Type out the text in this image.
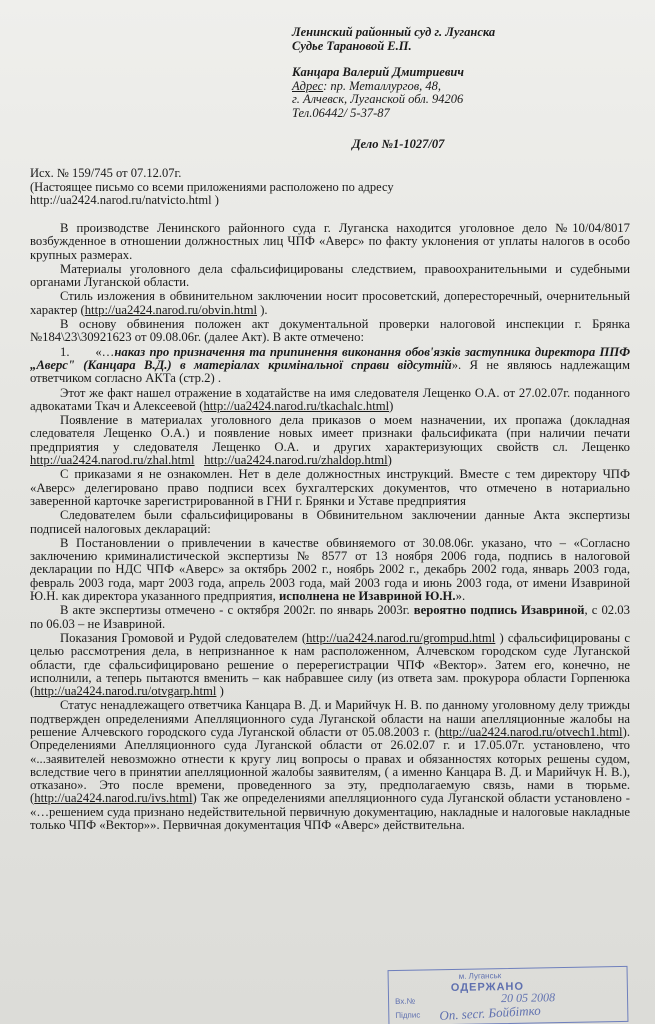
Ленинский районный суд г. Луганска
Судье Тарановой Е.П.
Канцара Валерий Дмитриевич
Адрес: пр. Металлургов, 48,
г. Алчевск, Луганской обл. 94206
Тел.06442/ 5-37-87
Дело №1-1027/07
Исх. № 159/745 от 07.12.07г.
(Настоящее письмо со всеми приложениями расположено по адресу
http://ua2424.narod.ru/natvicto.html )

В производстве Ленинского районного суда г. Луганска находится уголовное дело №10/04/8017 возбужденное в отношении должностных лиц ЧПФ «Аверс» по факту уклонения от уплаты налогов в особо крупных размерах.

Материалы уголовного дела сфальсифицированы следствием, правоохранительными и судебными органами Луганской области.

Стиль изложения в обвинительном заключении носит просоветский, допересторечный, очернительный характер (http://ua2424.narod.ru/obvin.html ).

В основу обвинения положен акт документальной проверки налоговой инспекции г. Брянка №184\23\30921623 от 09.08.06г. (далее Акт). В акте отмечено:

1. «…наказ про призначення та припинення виконання обов'язків заступника директора ППФ „Аверс" (Канцара В.Д.) в матеріалах кримінальної справи відсутній». Я не являюсь надлежащим ответчиком согласно АКТа (стр.2) .

Этот же факт нашел отражение в ходатайстве на имя следователя Лещенко О.А. от 27.02.07г. поданного адвокатами Ткач и Алексеевой (http://ua2424.narod.ru/tkachalc.html)

Появление в материалах уголовного дела приказов о моем назначении, их пропажа (докладная следователя Лещенко О.А.) и появление новых имеет признаки фальсификата (при наличии печати предприятия у следователя Лещенко О.А. и других характеризующих свойств сл. Лещенко http://ua2424.narod.ru/zhal.html http://ua2424.narod.ru/zhaldop.html)

С приказами я не ознакомлен. Нет в деле должностных инструкций. Вместе с тем директору ЧПФ «Аверс» делегировано право подписи всех бухгалтерских документов, что отмечено в нотариально заверенной карточке зарегистрированной в ГНИ г. Брянки и Уставе предприятия

Следователем были сфальсифицированы в Обвинительном заключении данные Акта экспертизы подписей налоговых деклараций:

В Постановлении о привлечении в качестве обвиняемого от 30.08.06г. указано, что – «Согласно заключению криминалистической экспертизы № 8577 от 13 ноября 2006 года, подпись в налоговой декларации по НДС ЧПФ «Аверс» за октябрь 2002 г., ноябрь 2002 г., декабрь 2002 года, январь 2003 года, февраль 2003 года, март 2003 года, апрель 2003 года, май 2003 года и июнь 2003 года, от имени Изавриной Ю.Н. как директора указанного предприятия, исполнена не Изавриной Ю.Н.».

В акте экспертизы отмечено - с октября 2002г. по январь 2003г. вероятно подпись Изавриной, с 02.03 по 06.03 – не Изавриной.

Показания Громовой и Рудой следователем (http://ua2424.narod.ru/grompud.html ) сфальсифицированы с целью рассмотрения дела, в непризнанное к нам расположенном, Алчевском городском суде Луганской области, где сфальсифицировано решение о перерегистрации ЧПФ «Вектор». Затем его, конечно, не исполнили, а теперь пытаются вменить – как набравшее силу (из ответа зам. прокурора области Горпенюка (http://ua2424.narod.ru/otvgarp.html )

Статус ненадлежащего ответчика Канцара В. Д. и Марийчук Н. В. по данному уголовному делу трижды подтвержден определениями Апелляционного суда Луганской области на наши апелляционные жалобы на решение Алчевского городского суда Луганской области от 05.08.2003 г. (http://ua2424.narod.ru/otvech1.html). Определениями Апелляционного суда Луганской области от 26.02.07 г. и 17.05.07г. установлено, что «...заявителей невозможно отнести к кругу лиц вопросы о правах и обязанностях которых решены судом, вследствие чего в принятии апелляционной жалобы заявителям, ( а именно Канцара В. Д. и Марийчук Н. В.), отказано». Это после времени, проведенного за эту, предполагаемую связь, нами в тюрьме. (http://ua2424.narod.ru/ivs.html) Так же определениями апелляционного суда Луганской области установлено - «…решением суда признано недействительной первичную документацию, накладные и налоговые накладные только ЧПФ «Вектор»». Первичная документация ЧПФ «Аверс» действительна.

м. Луганськ
ОДЕРЖАНО
Вх.№	20 05 2008
Підпис Оп. secr. Бойбітко
